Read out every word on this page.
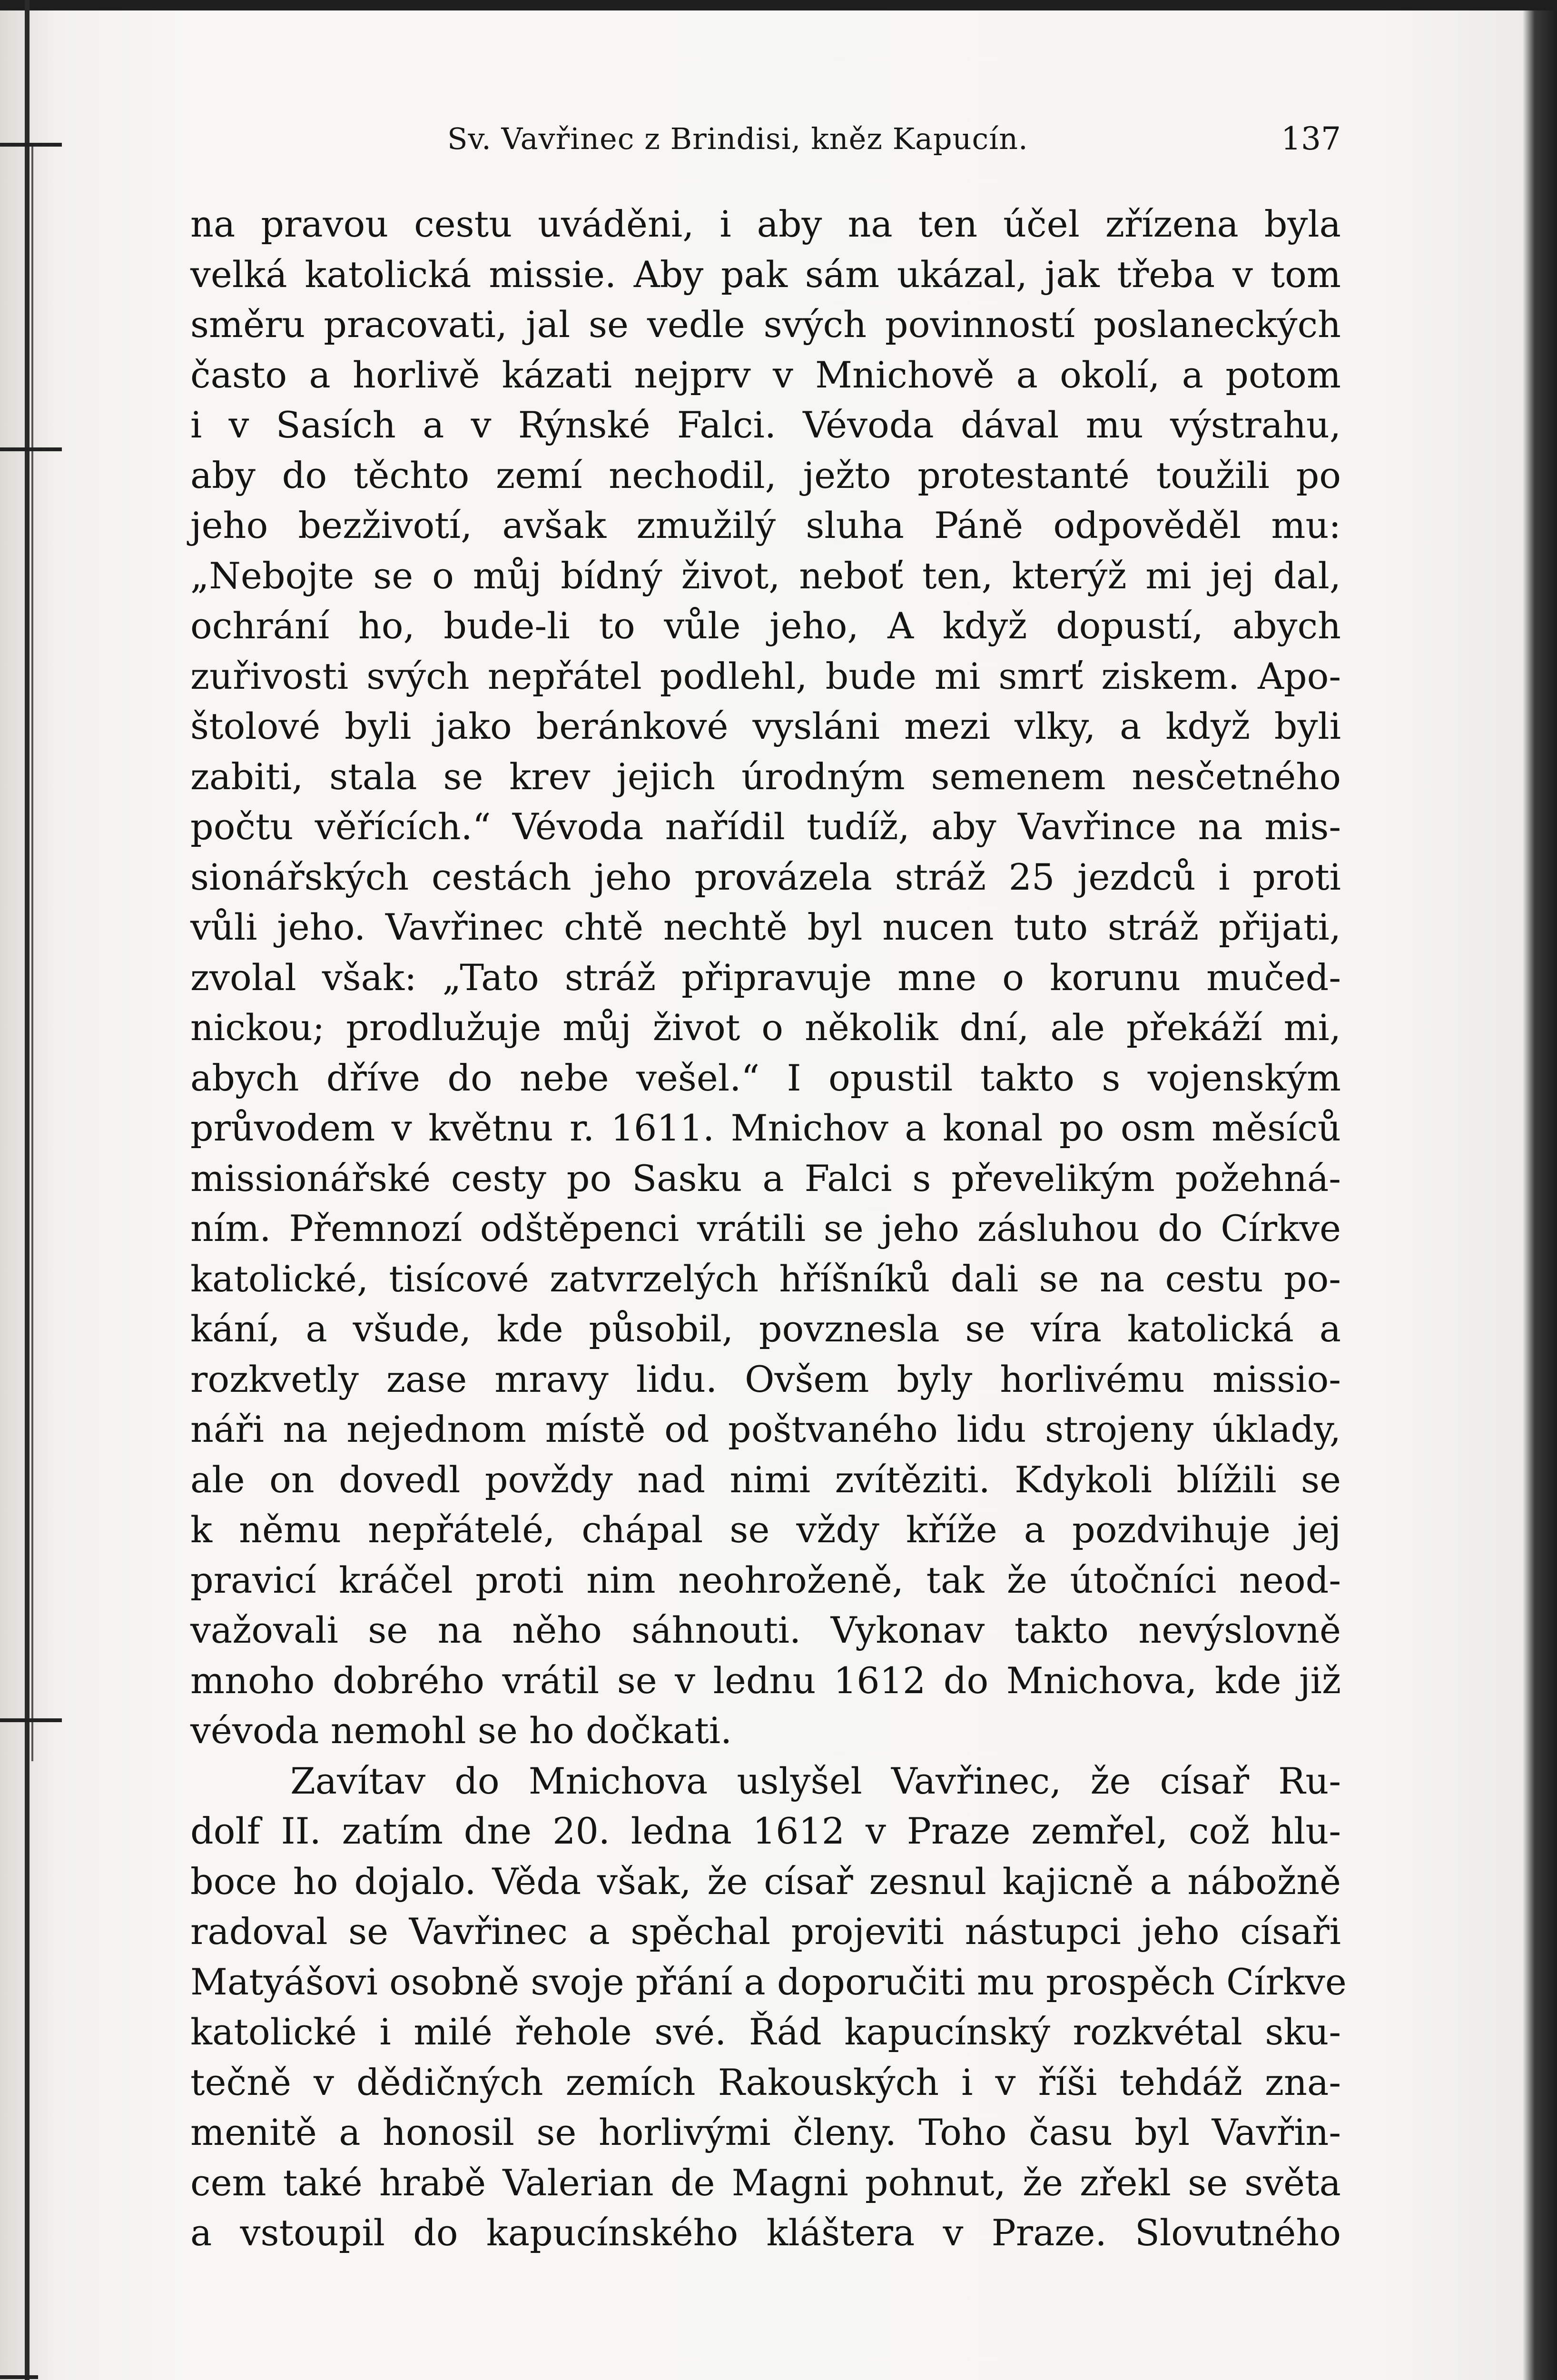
Sv. Vavřinec z Brindisi, kněz Kapucín.	137
na pravou cestu uváděni, i aby na ten účel zřízena byla
velká katolická missie. Aby pak sám ukázal, jak třeba v tom
směru pracovati, jal se vedle svých povinností poslaneckých
často a horlivě kázati nejprv v Mnichově a okolí, a potom
i v Sasích a v Rýnské Falci. Vévoda dával mu výstrahu,
aby do těchto zemí nechodil, ježto protestanté toužili po
jeho bezživotí, avšak zmužilý sluha Páně odpověděl mu:
„Nebojte se o můj bídný život, neboť ten, kterýž mi jej dal,
ochrání ho, bude-li to vůle jeho, A když dopustí, abych
zuřivosti svých nepřátel podlehl, bude mi smrť ziskem. Apo-
štolové byli jako beránkové vysláni mezi vlky, a když byli
zabiti, stala se krev jejich úrodným semenem nesčetného
počtu věřících.“ Vévoda nařídil tudíž, aby Vavřince na mis-
sionářských cestách jeho provázela stráž 25 jezdců i proti
vůli jeho. Vavřinec chtě nechtě byl nucen tuto stráž přijati,
zvolal však: „Tato stráž připravuje mne o korunu mučed-
nickou; prodlužuje můj život o několik dní, ale překáží mi,
abych dříve do nebe vešel.“ I opustil takto s vojenským
průvodem v květnu r. 1611. Mnichov a konal po osm měsíců
missionářské cesty po Sasku a Falci s převelikým požehná-
ním. Přemnozí odštěpenci vrátili se jeho zásluhou do Církve
katolické, tisícové zatvrzelých hříšníků dali se na cestu po-
kání, a všude, kde působil, povznesla se víra katolická a
rozkvetly zase mravy lidu. Ovšem byly horlivému missio-
náři na nejednom místě od poštvaného lidu strojeny úklady,
ale on dovedl povždy nad nimi zvítěziti. Kdykoli blížili se
k němu nepřátelé, chápal se vždy kříže a pozdvihuje jej
pravicí kráčel proti nim neohroženě, tak že útočníci neod-
važovali se na něho sáhnouti. Vykonav takto nevýslovně
mnoho dobrého vrátil se v lednu 1612 do Mnichova, kde již
vévoda nemohl se ho dočkati.
Zavítav do Mnichova uslyšel Vavřinec, že císař Ru-
dolf II. zatím dne 20. ledna 1612 v Praze zemřel, což hlu-
boce ho dojalo. Věda však, že císař zesnul kajicně a nábožně
radoval se Vavřinec a spěchal projeviti nástupci jeho císaři
Matyášovi osobně svoje přání a doporučiti mu prospěch Církve
katolické i milé řehole své. Řád kapucínský rozkvétal sku-
tečně v dědičných zemích Rakouských i v říši tehdáž zna-
menitě a honosil se horlivými členy. Toho času byl Vavřin-
cem také hrabě Valerian de Magni pohnut, že zřekl se světa
a vstoupil do kapucínského kláštera v Praze. Slovutného
